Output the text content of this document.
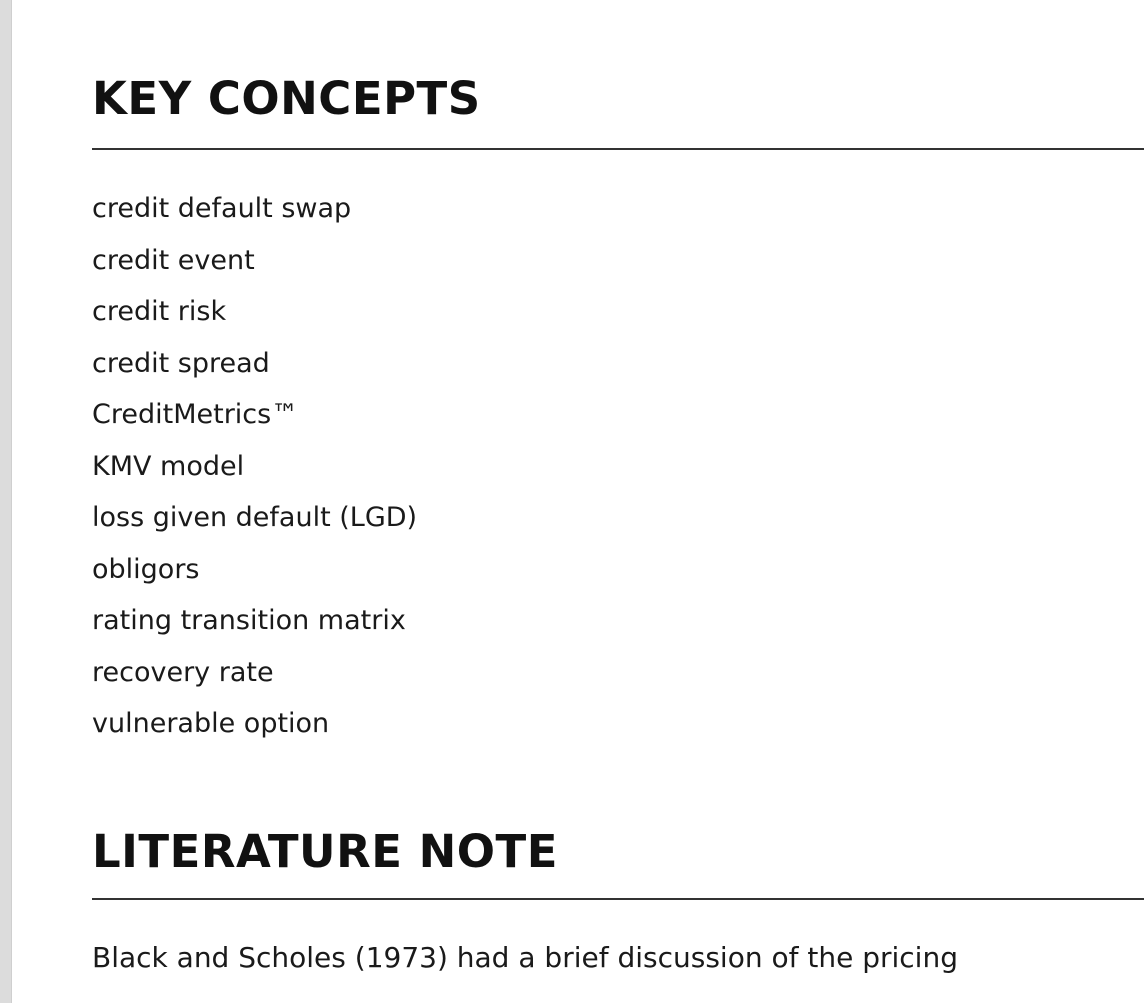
KEY CONCEPTS
credit default swap
credit event
credit risk
credit spread
CreditMetrics™
KMV model
loss given default (LGD)
obligors
rating transition matrix
recovery rate
vulnerable option
LITERATURE NOTE

Black and Scholes (1973) had a brief discussion of the pricing
